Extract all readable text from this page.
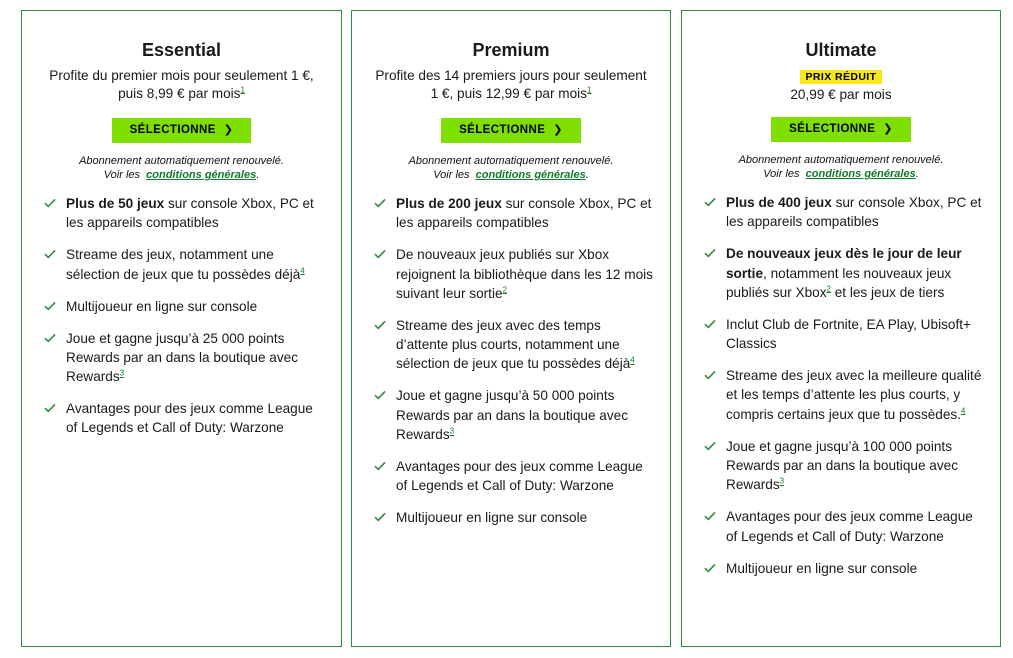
Essential
Profite du premier mois pour seulement 1 €,
puis 8,99 € par mois$^1$
SÉLECTIONNE ❯
Abonnement automatiquement renouvelé.
Voir les conditions générales.
Plus de 50 jeux sur console Xbox, PC et les appareils compatibles
Streame des jeux, notamment une sélection de jeux que tu possèdes déjà$^4$
Multijoueur en ligne sur console
Joue et gagne jusqu’à 25 000 points Rewards par an dans la boutique avec Rewards$^3$
Avantages pour des jeux comme League of Legends et Call of Duty: Warzone
Premium
Profite des 14 premiers jours pour seulement
1 €, puis 12,99 € par mois$^1$
SÉLECTIONNE ❯
Abonnement automatiquement renouvelé.
Voir les conditions générales.
Plus de 200 jeux sur console Xbox, PC et les appareils compatibles
De nouveaux jeux publiés sur Xbox rejoignent la bibliothèque dans les 12 mois suivant leur sortie$^2$
Streame des jeux avec des temps d’attente plus courts, notamment une sélection de jeux que tu possèdes déjà$^4$
Joue et gagne jusqu’à 50 000 points Rewards par an dans la boutique avec Rewards$^3$
Avantages pour des jeux comme League of Legends et Call of Duty: Warzone
Multijoueur en ligne sur console
Ultimate
PRIX RÉDUIT
20,99 € par mois
SÉLECTIONNE ❯
Abonnement automatiquement renouvelé.
Voir les conditions générales.
Plus de 400 jeux sur console Xbox, PC et les appareils compatibles
De nouveaux jeux dès le jour de leur sortie, notamment les nouveaux jeux publiés sur Xbox$^2$ et les jeux de tiers
Inclut Club de Fortnite, EA Play, Ubisoft+ Classics
Streame des jeux avec la meilleure qualité et les temps d’attente les plus courts, y compris certains jeux que tu possèdes.$^4$
Joue et gagne jusqu’à 100 000 points Rewards par an dans la boutique avec Rewards$^3$
Avantages pour des jeux comme League of Legends et Call of Duty: Warzone
Multijoueur en ligne sur console
